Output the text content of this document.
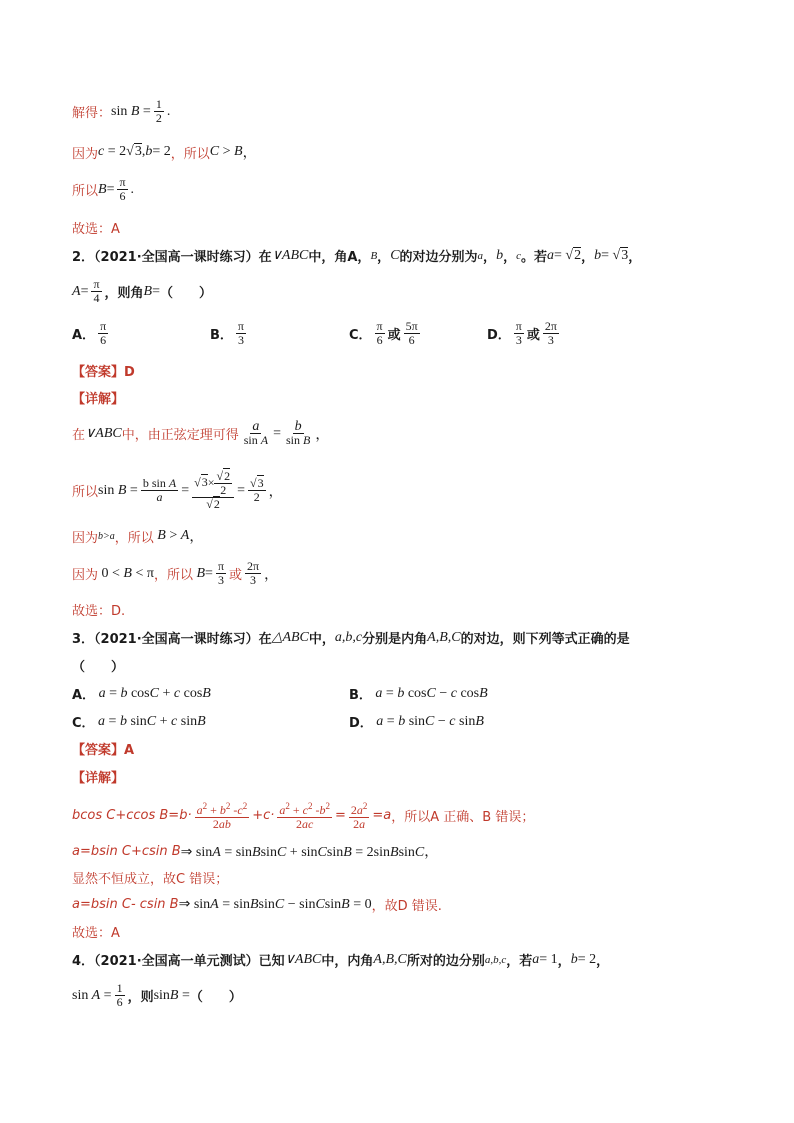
解得： $\sin B = \frac{1}{2}$ .
因为 c = 2√3, b = 2 ，所以 C > B ，
所以 $B = \frac{\pi}{6}$ .
故选：A
2．（2021·全国高一课时练习）在 ∨ABC 中，角A， B ， C 的对边分别为 a ， b ， c 。若 a = √2 ， b = √3 ，
$A = \frac{\pi}{4}$ ，则角 B = （　　）
A． $\frac{\pi}{6}$	B． $\frac{\pi}{3}$	C． $\frac{\pi}{6}$ 或 $\frac{5\pi}{6}$	D． $\frac{\pi}{3}$ 或 $\frac{2\pi}{3}$
【答案】D
【详解】
在 ∨ABC 中，由正弦定理可得 $\frac{a}{\text{sin A}} = \frac{b}{\text{sin B}}$ ，
所以 $\sin B = \frac{\text{b sin A}}{a} = \frac{√3\times \frac{√2}{2}}{√2} = \frac{√3}{2}$ ，
因为 b>a ，所以 B > A ，
因为 0 < B < π ，所以 $B = \frac{\pi}{3}$ 或 $\frac{2\pi}{3}$ ，
故选：D.
3．（2021·全国高一课时练习）在 △ABC 中， a,b,c 分别是内角 A,B,C 的对边，则下列等式正确的是
（　　）
A． a = b cosC + c cosB	B． a = b cosC − c cosB
C． a = b sinC + c sinB	D． a = b sinC − c sinB
【答案】A
【详解】
bcos C+ccos $B=b\cdot \frac{a^2 + b^2 -c^2}{2ab} +c\cdot \frac{a^2 + c^2 -b^2}{2ac} = \frac{2a^2}{2a} =a$ ，所以A 正确、B 错误；
a=bsin C+csin B ⇒ sinA = sinBsinC + sinCsinB = 2sinBsinC，
显然不恒成立，故C 错误；
a=bsin C- csin B ⇒ sinA = sinBsinC − sinCsinB = 0 ，故D 错误.
故选：A
4．（2021·全国高一单元测试）已知 ∨ABC 中，内角 A,B,C 所对的边分别 a,b,c ，若 a = 1 ， b = 2 ，
$\sin A = \frac{1}{6}$ ，则 sinB = （　　）
